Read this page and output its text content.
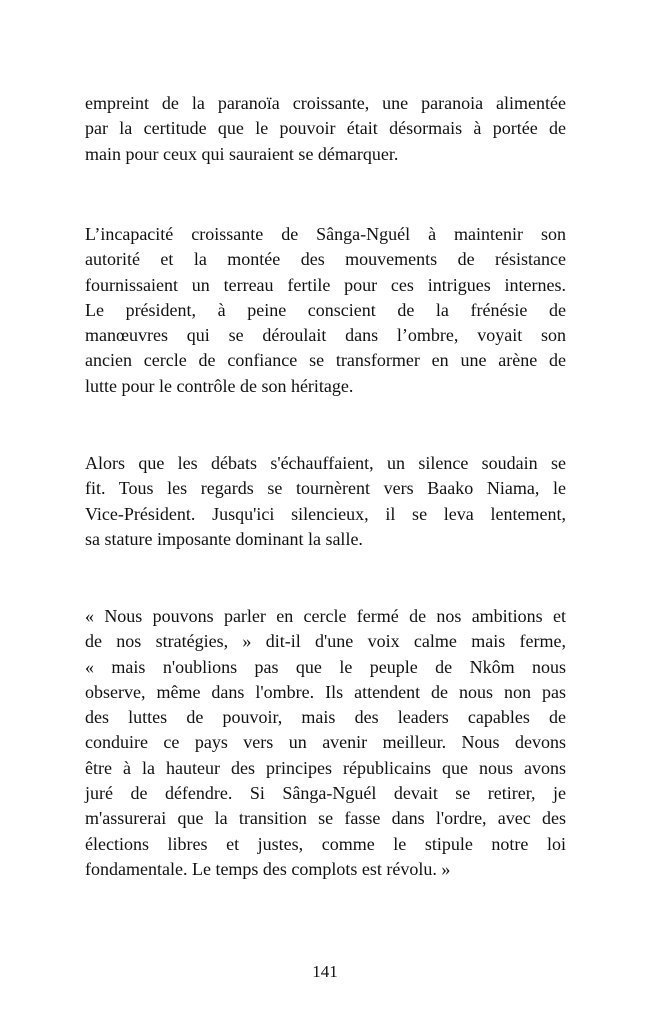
empreint de la paranoïa croissante, une paranoia alimentée
par la certitude que le pouvoir était désormais à portée de
main pour ceux qui sauraient se démarquer.

L’incapacité croissante de Sânga-Nguél à maintenir son
autorité et la montée des mouvements de résistance
fournissaient un terreau fertile pour ces intrigues internes.
Le président, à peine conscient de la frénésie de
manœuvres qui se déroulait dans l’ombre, voyait son
ancien cercle de confiance se transformer en une arène de
lutte pour le contrôle de son héritage.

Alors que les débats s'échauffaient, un silence soudain se
fit. Tous les regards se tournèrent vers Baako Niama, le
Vice-Président. Jusqu'ici silencieux, il se leva lentement,
sa stature imposante dominant la salle.

« Nous pouvons parler en cercle fermé de nos ambitions et
de nos stratégies, » dit-il d'une voix calme mais ferme,
« mais n'oublions pas que le peuple de Nkôm nous
observe, même dans l'ombre. Ils attendent de nous non pas
des luttes de pouvoir, mais des leaders capables de
conduire ce pays vers un avenir meilleur. Nous devons
être à la hauteur des principes républicains que nous avons
juré de défendre. Si Sânga-Nguél devait se retirer, je
m'assurerai que la transition se fasse dans l'ordre, avec des
élections libres et justes, comme le stipule notre loi
fondamentale. Le temps des complots est révolu. »

141
